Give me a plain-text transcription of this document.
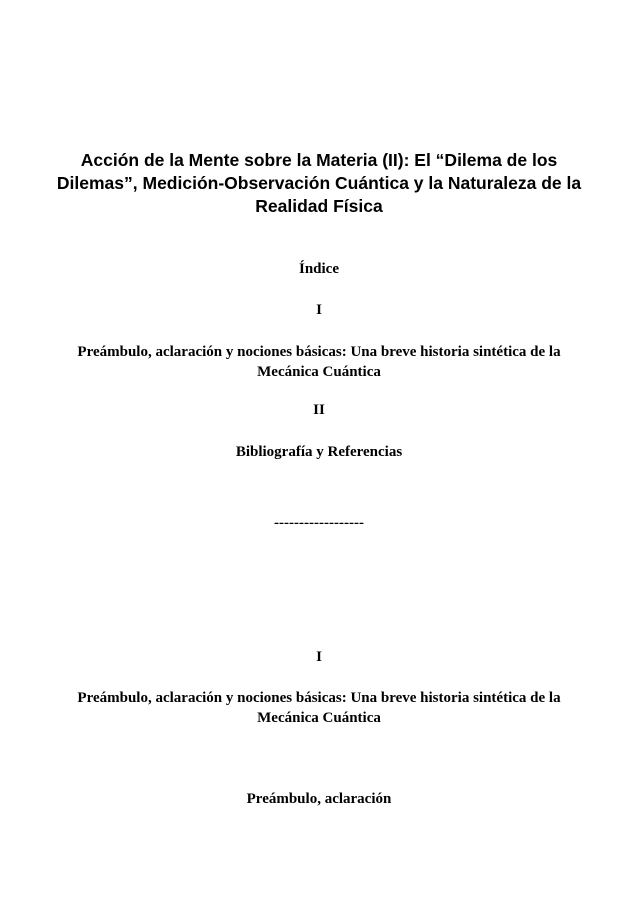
Acción de la Mente sobre la Materia (II): El “Dilema de los Dilemas”, Medición-Observación Cuántica y la Naturaleza de la Realidad Física
Índice
I
Preámbulo, aclaración y nociones básicas: Una breve historia sintética de la Mecánica Cuántica
II
Bibliografía y Referencias
------------------
I
Preámbulo, aclaración y nociones básicas: Una breve historia sintética de la Mecánica Cuántica
Preámbulo, aclaración
